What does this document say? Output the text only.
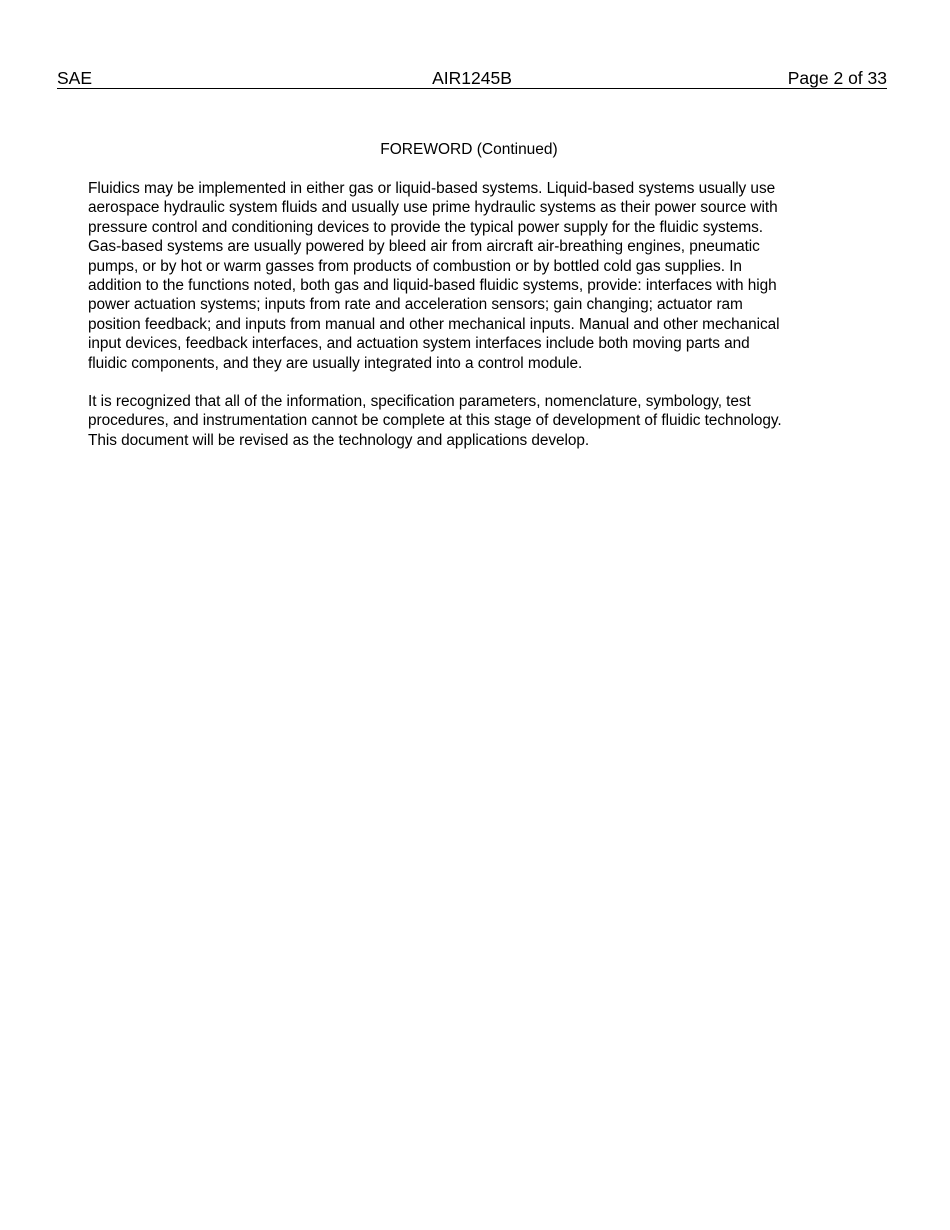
SAE	AIR1245B	Page 2 of 33
FOREWORD (Continued)

Fluidics may be implemented in either gas or liquid-based systems. Liquid-based systems usually use
aerospace hydraulic system fluids and usually use prime hydraulic systems as their power source with
pressure control and conditioning devices to provide the typical power supply for the fluidic systems.
Gas-based systems are usually powered by bleed air from aircraft air-breathing engines, pneumatic
pumps, or by hot or warm gasses from products of combustion or by bottled cold gas supplies. In
addition to the functions noted, both gas and liquid-based fluidic systems, provide: interfaces with high
power actuation systems; inputs from rate and acceleration sensors; gain changing; actuator ram
position feedback; and inputs from manual and other mechanical inputs. Manual and other mechanical
input devices, feedback interfaces, and actuation system interfaces include both moving parts and
fluidic components, and they are usually integrated into a control module.

It is recognized that all of the information, specification parameters, nomenclature, symbology, test
procedures, and instrumentation cannot be complete at this stage of development of fluidic technology.
This document will be revised as the technology and applications develop.
